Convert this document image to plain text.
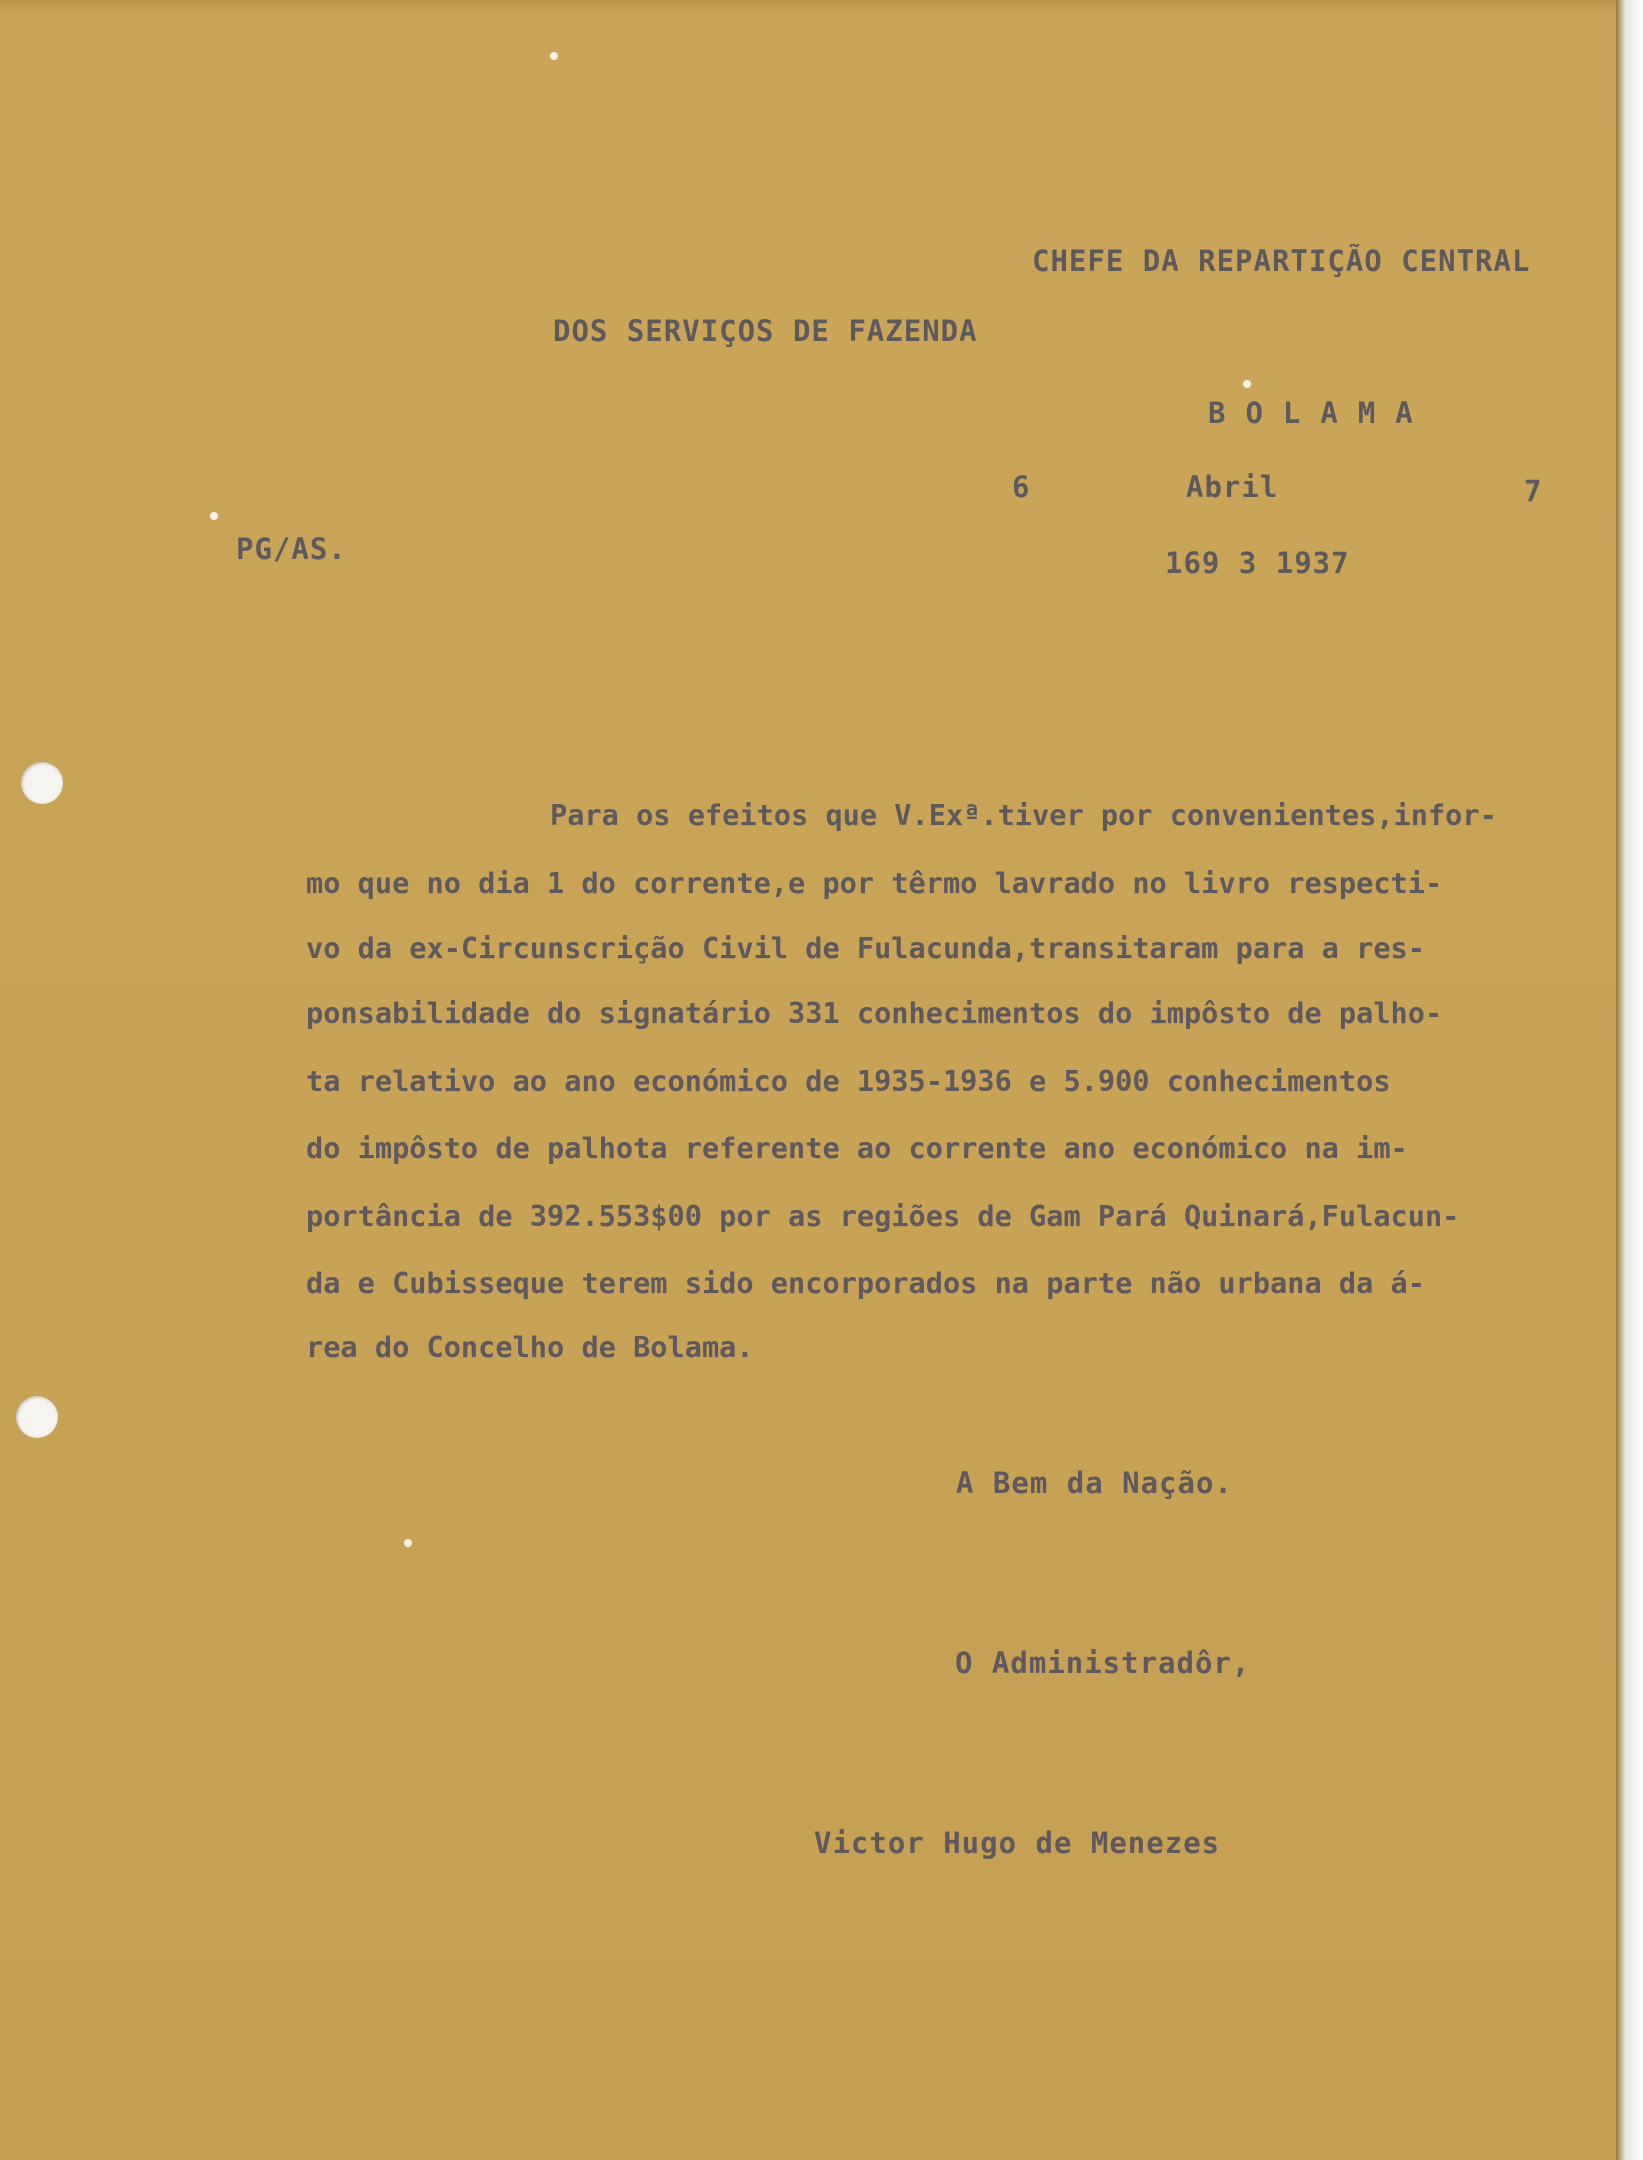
CHEFE DA REPARTIÇÃO CENTRAL

DOS SERVIÇOS DE FAZENDA

BOLAMA

6	Abril	7

PG/AS.	169 3 1937

Para os efeitos que V.Exª.tiver por convenientes,infor-

mo que no dia 1 do corrente,e por têrmo lavrado no livro respecti-

vo da ex-Circunscrição Civil de Fulacunda,transitaram para a res-

ponsabilidade do signatário 331 conhecimentos do impôsto de palho-

ta relativo ao ano económico de 1935-1936 e 5.900 conhecimentos

do impôsto de palhota referente ao corrente ano económico na im-

portância de 392.553$00 por as regiões de Gam Pará Quinará,Fulacun-

da e Cubisseque terem sido encorporados na parte não urbana da á-

rea do Concelho de Bolama.

A Bem da Nação.

O Administradôr,

Victor Hugo de Menezes
